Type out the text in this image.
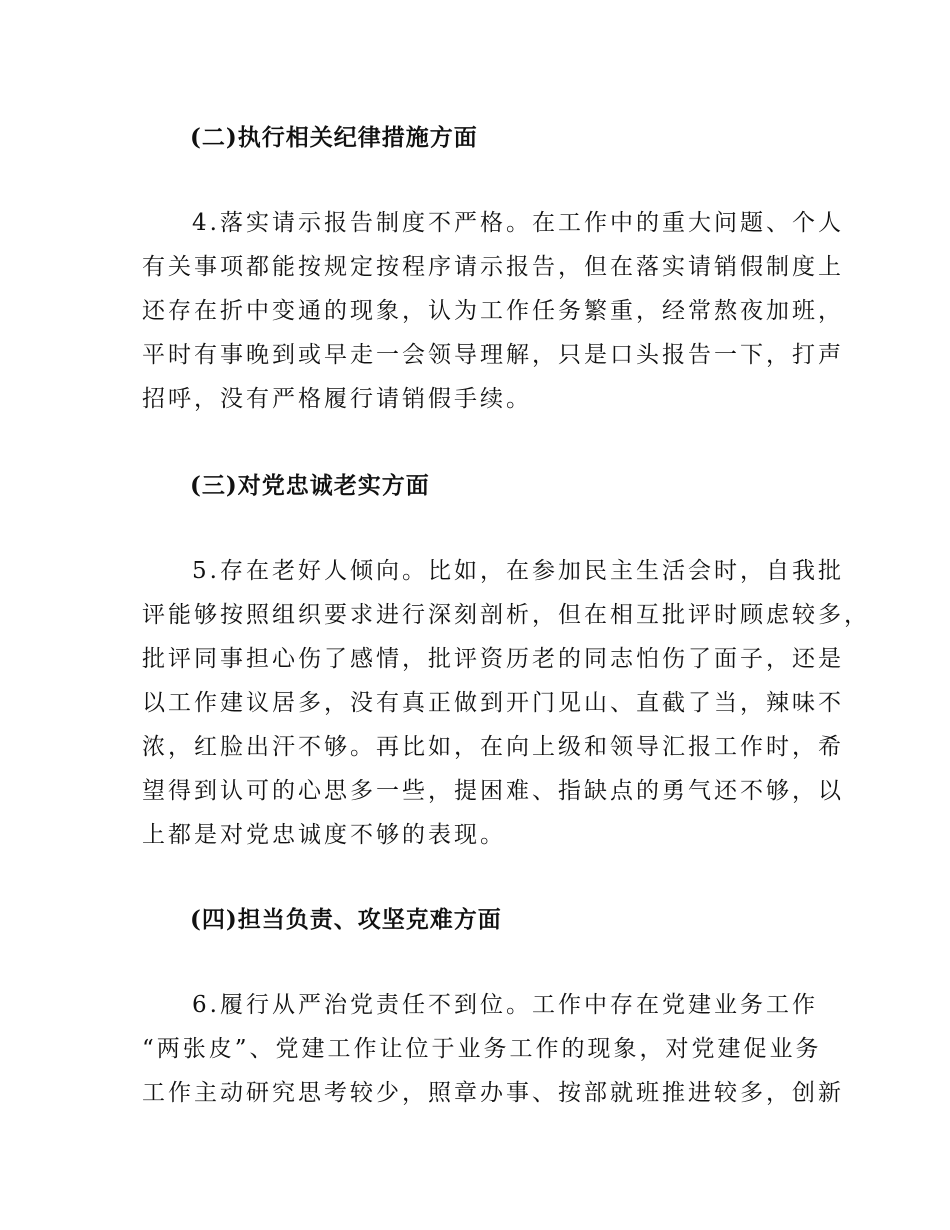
(二)执行相关纪律措施方面
4.落实请示报告制度不严格。在工作中的重大问题、个人
有关事项都能按规定按程序请示报告，但在落实请销假制度上
还存在折中变通的现象，认为工作任务繁重，经常熬夜加班，
平时有事晚到或早走一会领导理解，只是口头报告一下，打声
招呼，没有严格履行请销假手续。
(三)对党忠诚老实方面
5.存在老好人倾向。比如，在参加民主生活会时，自我批
评能够按照组织要求进行深刻剖析，但在相互批评时顾虑较多，
批评同事担心伤了感情，批评资历老的同志怕伤了面子，还是
以工作建议居多，没有真正做到开门见山、直截了当，辣味不
浓，红脸出汗不够。再比如，在向上级和领导汇报工作时，希
望得到认可的心思多一些，提困难、指缺点的勇气还不够，以
上都是对党忠诚度不够的表现。
(四)担当负责、攻坚克难方面
6.履行从严治党责任不到位。工作中存在党建业务工作
“两张皮”、党建工作让位于业务工作的现象，对党建促业务
工作主动研究思考较少，照章办事、按部就班推进较多，创新
